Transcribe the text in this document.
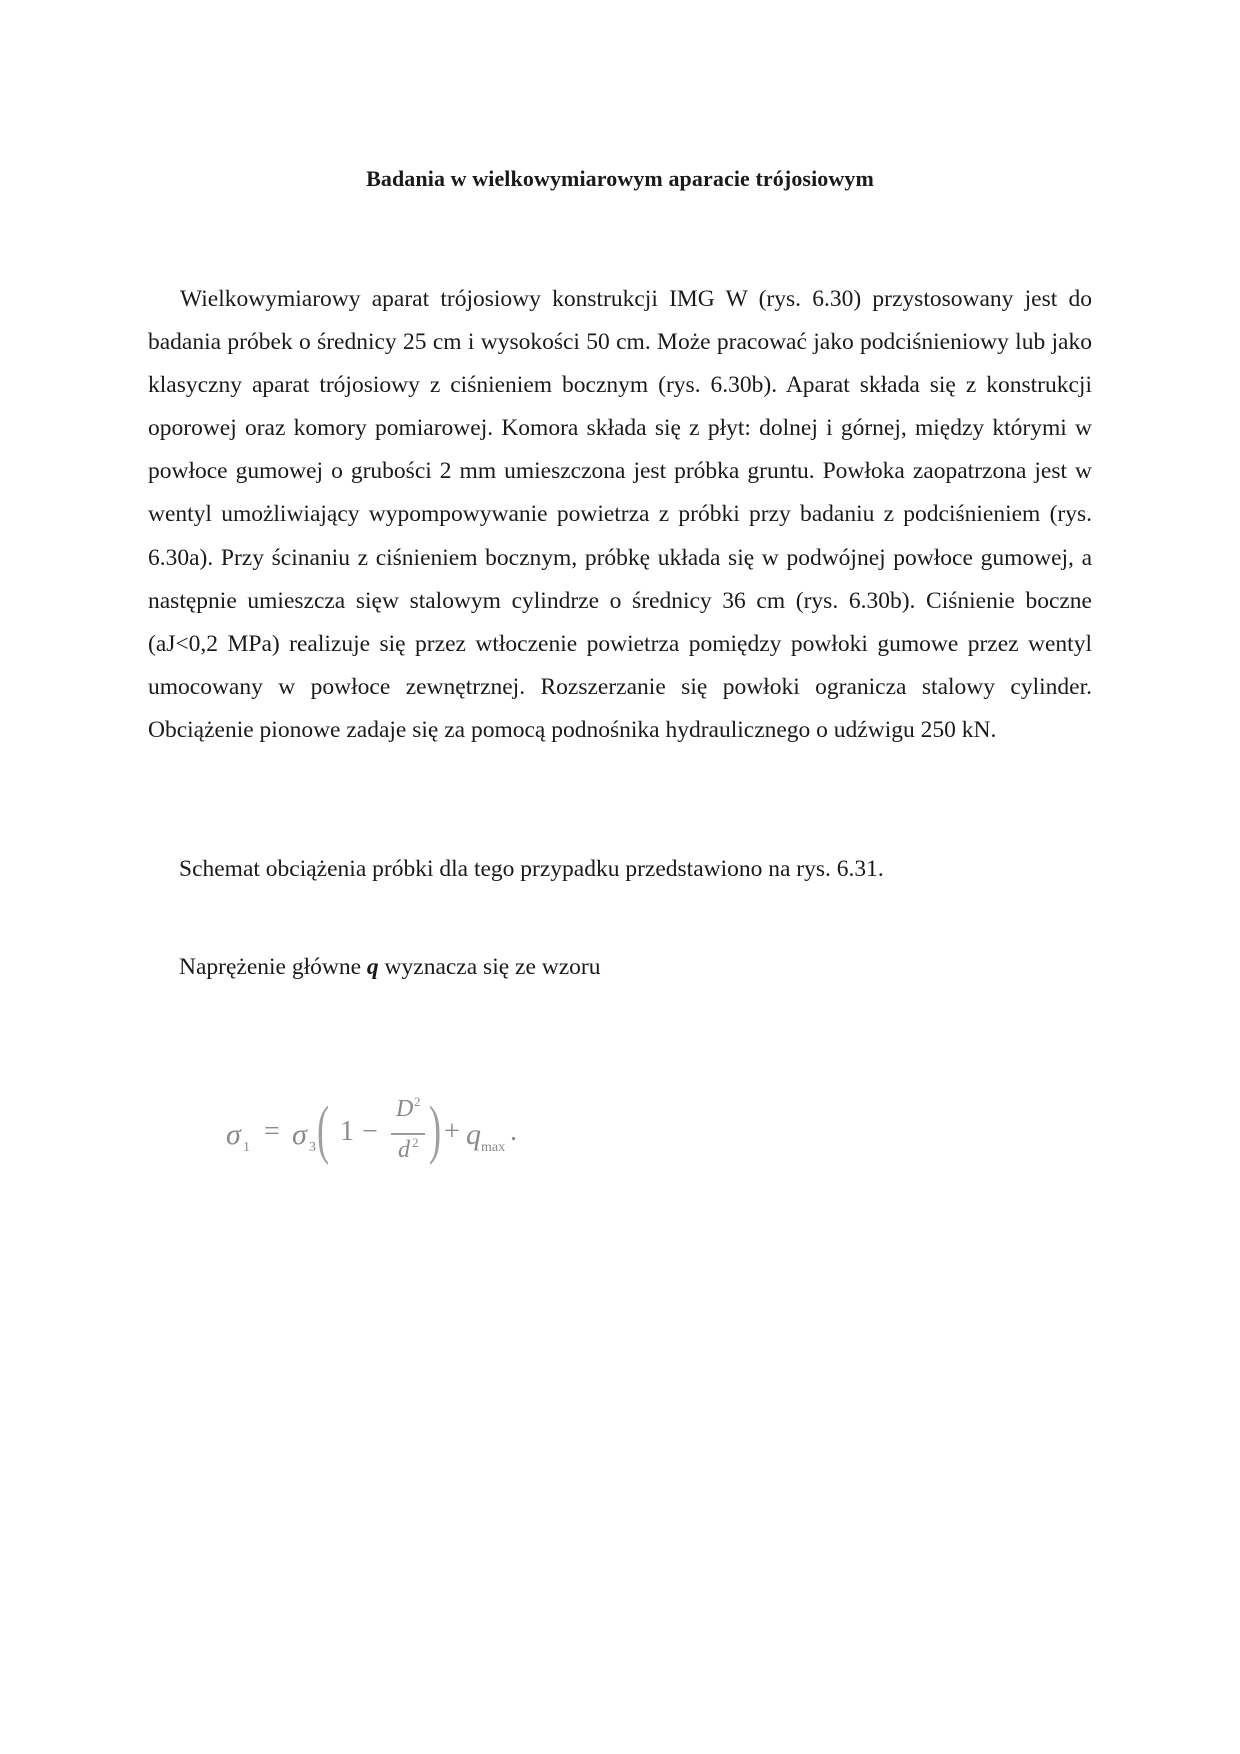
Badania w wielkowymiarowym aparacie trójosiowym

Wielkowymiarowy aparat trójosiowy konstrukcji IMG W (rys. 6.30) przystosowany jest do badania próbek o średnicy 25 cm i wysokości 50 cm. Może pracować jako podciśnieniowy lub jako klasyczny aparat trójosiowy z ciśnieniem bocznym (rys. 6.30b). Aparat składa się z konstrukcji oporowej oraz komory pomiarowej. Komora składa się z płyt: dolnej i górnej, między którymi w powłoce gumowej o grubości 2 mm umieszczona jest próbka gruntu. Powłoka zaopatrzona jest w wentyl umożliwiający wypompowywanie powietrza z próbki przy badaniu z podciśnieniem (rys. 6.30a). Przy ścinaniu z ciśnieniem bocznym, próbkę układa się w podwójnej powłoce gumowej, a następnie umieszcza sięw stalowym cylindrze o średnicy 36 cm (rys. 6.30b). Ciśnienie boczne (aJ<0,2 MPa) realizuje się przez wtłoczenie powietrza pomiędzy powłoki gumowe przez wentyl umocowany w powłoce zewnętrznej. Rozszerzanie się powłoki ogranicza stalowy cylinder. Obciążenie pionowe zadaje się za pomocą podnośnika hydraulicznego o udźwigu 250 kN.

Schemat obciążenia próbki dla tego przypadku przedstawiono na rys. 6.31.
Naprężenie główne q wyznacza się ze wzoru
σ 1
= σ 3 ( 1 −
D 2
d 2 ) + q max
.
